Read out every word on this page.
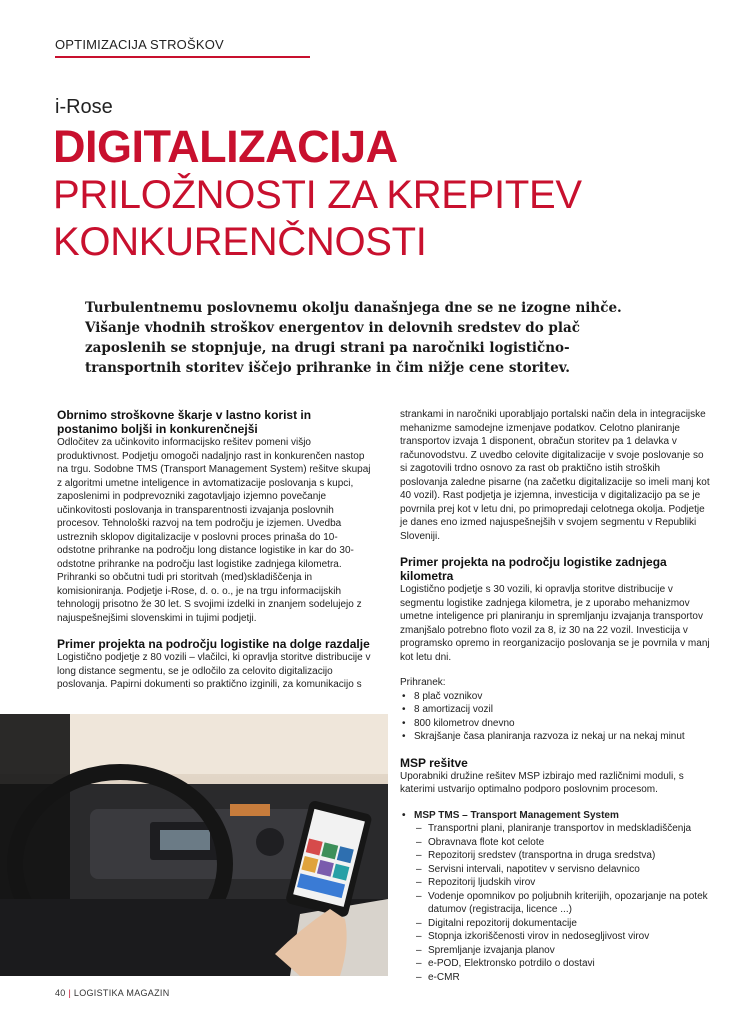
OPTIMIZACIJA STROŠKOV
i-Rose
DIGITALIZACIJA
PRILOŽNOSTI ZA KREPITEV
KONKURENČNOSTI
Turbulentnemu poslovnemu okolju današnjega dne se ne izogne nihče. Višanje vhodnih stroškov energentov in delovnih sredstev do plač zaposlenih se stopnjuje, na drugi strani pa naročniki logistično-transportnih storitev iščejo prihranke in čim nižje cene storitev.
Obrnimo stroškovne škarje v lastno korist in postanimo boljši in konkurenčnejši

Odločitev za učinkovito informacijsko rešitev pomeni višjo produktivnost. Podjetju omogoči nadaljnjo rast in konkurenčen nastop na trgu. Sodobne TMS (Transport Management System) rešitve skupaj z algoritmi umetne inteligence in avtomatizacije poslovanja s kupci, zaposlenimi in podprevozniki zagotavljajo izjemno povečanje učinkovitosti poslovanja in transparentnosti izvajanja poslovnih procesov. Tehnološki razvoj na tem področju je izjemen. Uvedba ustreznih sklopov digitalizacije v poslovni proces prinaša do 10-odstotne prihranke na področju long distance logistike in kar do 30-odstotne prihranke na področju last logistike zadnjega kilometra. Prihranki so občutni tudi pri storitvah (med)skladiščenja in komisioniranja. Podjetje i-Rose, d. o. o., je na trgu informacijskih tehnologij prisotno že 30 let. S svojimi izdelki in znanjem sodelujejo z najuspešnejšimi slovenskimi in tujimi podjetji.

Primer projekta na področju logistike na dolge razdalje

Logistično podjetje z 80 vozili – vlačilci, ki opravlja storitve distribucije v long distance segmentu, se je odločilo za celovito digitalizacijo poslovanja. Papirni dokumenti so praktično izginili, za komunikacijo s

strankami in naročniki uporabljajo portalski način dela in integracijske mehanizme samodejne izmenjave podatkov. Celotno planiranje transportov izvaja 1 disponent, obračun storitev pa 1 delavka v računovodstvu. Z uvedbo celovite digitalizacije v svoje poslovanje so si zagotovili trdno osnovo za rast ob praktično istih stroških poslovanja zaledne pisarne (na začetku digitalizacije so imeli manj kot 40 vozil). Rast podjetja je izjemna, investicija v digitalizacijo pa se je povrnila prej kot v letu dni, po primopredaji celotnega okolja. Podjetje je danes eno izmed najuspešnejših v svojem segmentu v Republiki Sloveniji.

Primer projekta na področju logistike zadnjega kilometra

Logistično podjetje s 30 vozili, ki opravlja storitve distribucije v segmentu logistike zadnjega kilometra, je z uporabo mehanizmov umetne inteligence pri planiranju in spremljanju izvajanja transportov zmanjšalo potrebno floto vozil za 8, iz 30 na 22 vozil. Investicija v programsko opremo in reorganizacijo poslovanja se je povrnila v manj kot letu dni.

Prihranek:

• 8 plač voznikov
• 8 amortizacij vozil
• 800 kilometrov dnevno
• Skrajšanje časa planiranja razvoza iz nekaj ur na nekaj minut
MSP rešitve

Uporabniki družine rešitev MSP izbirajo med različnimi moduli, s katerimi ustvarijo optimalno podporo poslovnim procesom.

• MSP TMS – Transport Management System
– Transportni plani, planiranje transportov in medskladiščenja
– Obravnava flote kot celote
– Repozitorij sredstev (transportna in druga sredstva)
– Servisni intervali, napotitev v servisno delavnico
– Repozitorij ljudskih virov
– Vodenje opomnikov po poljubnih kriterijih, opozarjanje na potek datumov (registracija, licence ...)
– Digitalni repozitorij dokumentacije
– Stopnja izkoriščenosti virov in nedosegljivost virov
– Spremljanje izvajanja planov
– e-POD, Elektronsko potrdilo o dostavi
– e-CMR
40 | LOGISTIKA MAGAZIN
